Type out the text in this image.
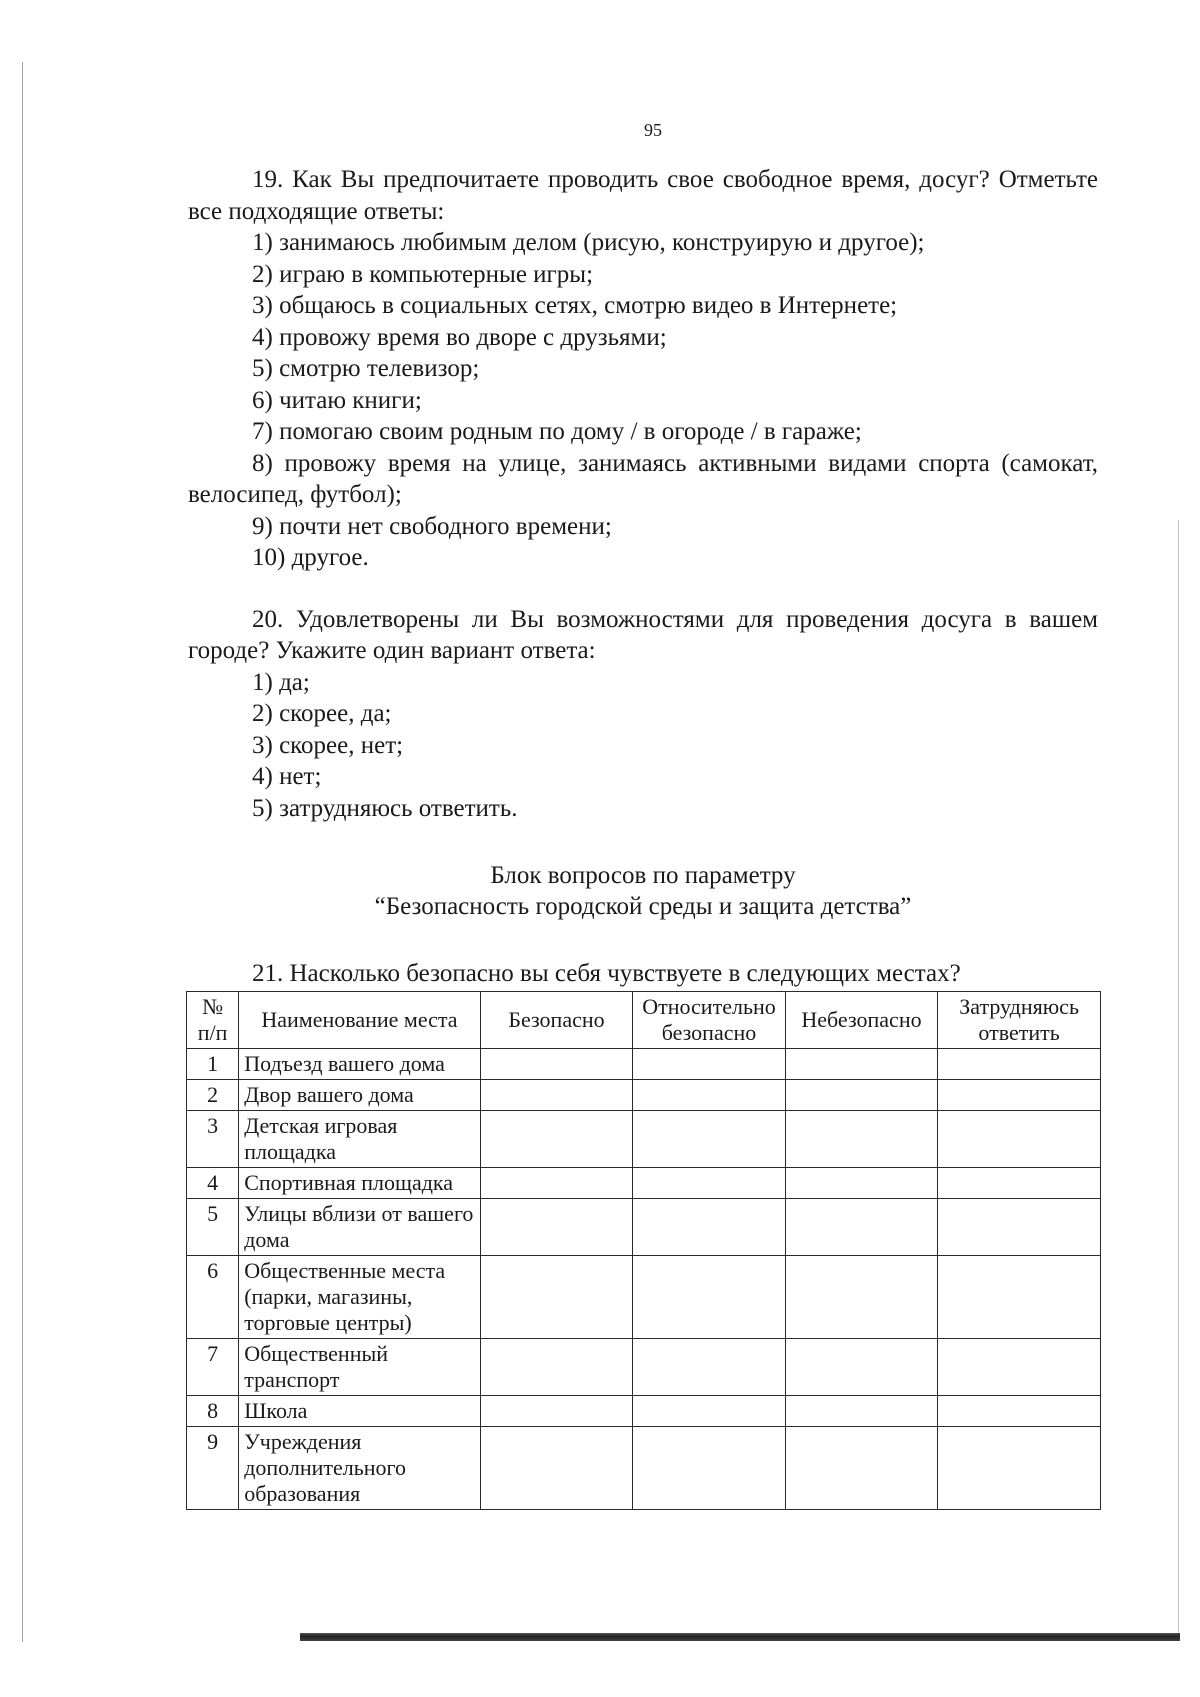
95

19. Как Вы предпочитаете проводить свое свободное время, досуг? Отметьте все подходящие ответы:

1) занимаюсь любимым делом (рисую, конструирую и другое);

2) играю в компьютерные игры;

3) общаюсь в социальных сетях, смотрю видео в Интернете;

4) провожу время во дворе с друзьями;

5) смотрю телевизор;

6) читаю книги;

7) помогаю своим родным по дому / в огороде / в гараже;

8) провожу время на улице, занимаясь активными видами спорта (самокат, велосипед, футбол);

9) почти нет свободного времени;

10) другое.

20. Удовлетворены ли Вы возможностями для проведения досуга в вашем городе? Укажите один вариант ответа:

1) да;

2) скорее, да;

3) скорее, нет;

4) нет;

5) затрудняюсь ответить.

Блок вопросов по параметру
“Безопасность городской среды и защита детства”

21. Насколько безопасно вы себя чувствуете в следующих местах?

№ п/п	Наименование места	Безопасно	Относительно безопасно	Небезопасно	Затрудняюсь ответить
1	Подъезд вашего дома				
2	Двор вашего дома				
3	Детская игровая площадка				
4	Спортивная площадка				
5	Улицы вблизи от вашего дома				
6	Общественные места (парки, магазины, торговые центры)				
7	Общественный транспорт				
8	Школа				
9	Учреждения дополнительного образования				
